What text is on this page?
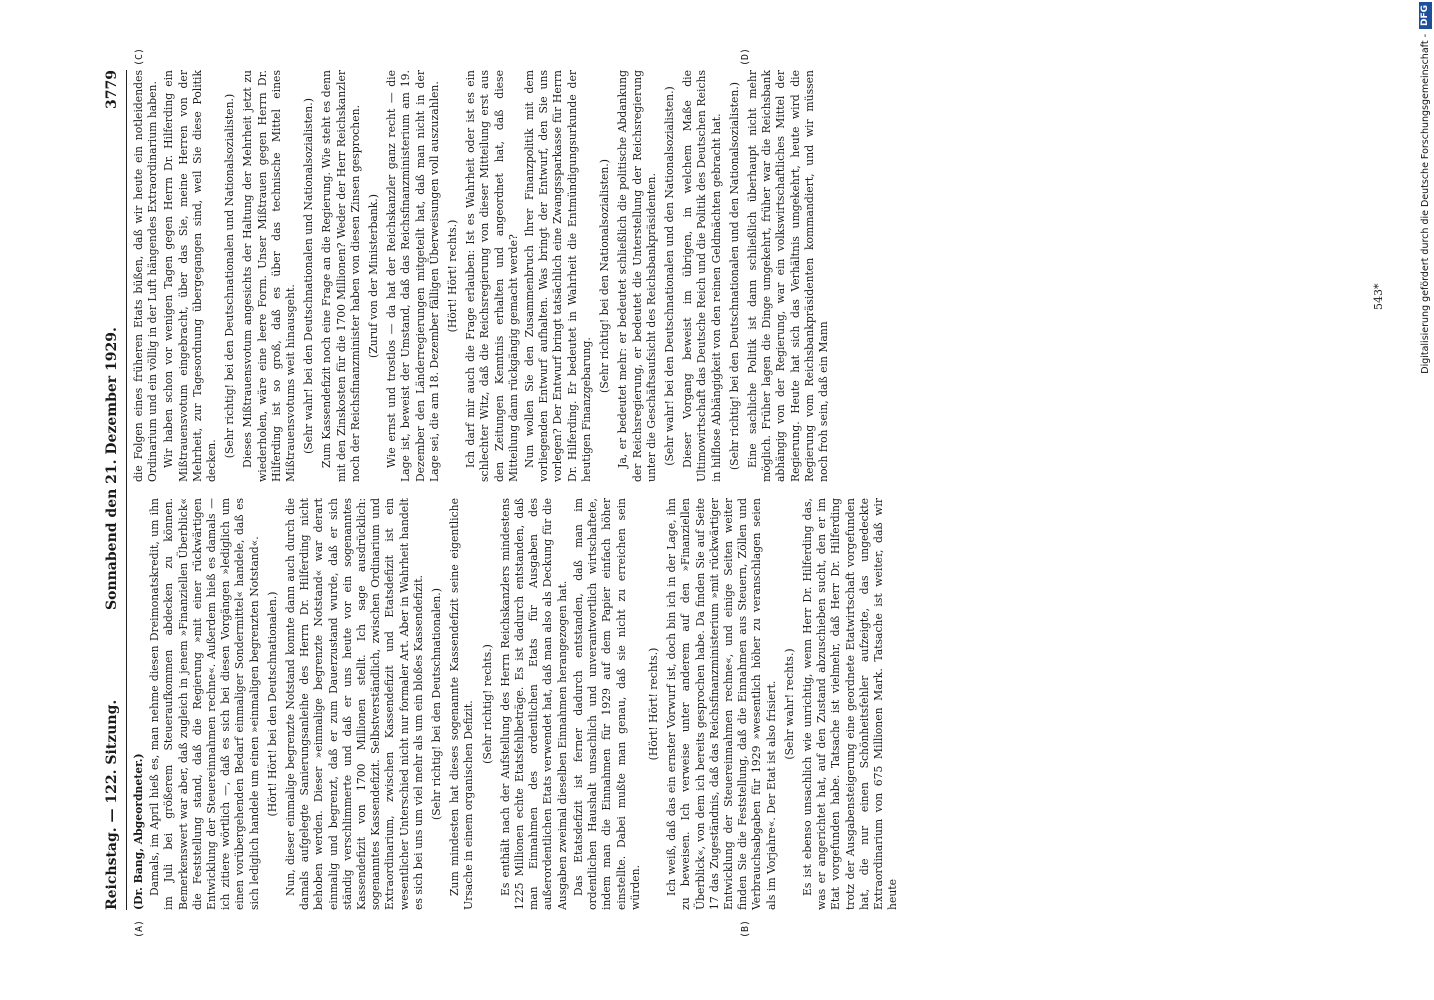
Reichstag. — 122. Sitzung.
Sonnabend den 21. Dezember 1929.
3779
(A)	(B)
(C)	(D)

(Dr. Bang, Abgeordneter.) Damals, im April hieß es, man nehme diesen Dreimonatskredit, um ihn im Juli bei größerem Steueraufkommen abdecken zu können. Bemerkenswert war aber, daß zugleich in jenem »Finanziellen Überblick« die Feststellung stand, daß die Regierung »mit einer rückwärtigen Entwicklung der Steuereinnahmen rechne«. Außerdem hieß es damals — ich zitiere wörtlich —, daß es sich bei diesen Vorgängen »lediglich um einen vorübergehenden Bedarf einmaliger Sondermittel« handele, daß es sich lediglich handele um einen »einmaligen begrenzten Notstand«. (Hört! Hört! bei den Deutschnationalen.) Nun, dieser einmalige begrenzte Notstand konnte dann auch durch die damals aufgelegte Sanierungsanleihe des Herrn Dr. Hilferding nicht behoben werden. Dieser »einmalige begrenzte Notstand« war derart einmalig und begrenzt, daß er zum Dauerzustand wurde, daß er sich ständig verschlimmerte und daß er uns heute vor ein sogenanntes Kassendefizit von 1700 Millionen stellt. Ich sage ausdrücklich: sogenanntes Kassendefizit. Selbstverständlich, zwischen Ordinarium und Extraordinarium, zwischen Kassendefizit und Etatsdefizit ist ein wesentlicher Unterschied nicht nur formaler Art. Aber in Wahrheit handelt es sich bei uns um viel mehr als um ein bloßes Kassendefizit. (Sehr richtig! bei den Deutschnationalen.) Zum mindesten hat dieses sogenannte Kassendefizit seine eigentliche Ursache in einem organischen Defizit. (Sehr richtig! rechts.) Es enthält nach der Aufstellung des Herrn Reichskanzlers mindestens 1225 Millionen echte Etatsfehlbeträge. Es ist dadurch entstanden, daß man Einnahmen des ordentlichen Etats für Ausgaben des außerordentlichen Etats verwendet hat, daß man also als Deckung für die Ausgaben zweimal dieselben Einnahmen herangezogen hat. Das Etatsdefizit ist ferner dadurch entstanden, daß man im ordentlichen Haushalt unsachlich und unverantwortlich wirtschaftete, indem man die Einnahmen für 1929 auf dem Papier einfach höher einstellte. Dabei mußte man genau, daß sie nicht zu erreichen sein würden.

(Hört! Hört! rechts.) Ich weiß, daß das ein ernster Vorwurf ist, doch bin ich in der Lage, ihn zu beweisen. Ich verweise unter anderem auf den »Finanziellen Überblick«, von dem ich bereits gesprochen habe. Da finden Sie auf Seite 17 das Zugeständnis, daß das Reichsfinanzministerium »mit rückwärtiger Entwicklung der Steuereinnahmen rechne«, und einige Seiten weiter finden Sie die Feststellung, daß die Einnahmen aus Steuern, Zöllen und Verbrauchsabgaben für 1929 »wesentlich höher zu veranschlagen seien als im Vorjahre«. Der Etat ist also frisiert. (Sehr wahr! rechts.) Es ist ebenso unsachlich wie unrichtig, wenn Herr Dr. Hilferding das, was er angerichtet hat, auf den Zustand abzuschieben sucht, den er im Etat vorgefunden habe. Tatsache ist vielmehr, daß Herr Dr. Hilferding trotz der Ausgabensteigerung eine geordnete Etatwirtschaft vorgefunden hat, die nur einen Schönheitsfehler aufzeigte, das ungedeckte Extraordinarium von 675 Millionen Mark. Tatsache ist weiter, daß wir heute

die Folgen eines früheren Etats büßen, daß wir heute ein notleidendes Ordinarium und ein völlig in der Luft hängendes Extraordinarium haben. Wir haben schon vor wenigen Tagen gegen Herrn Dr. Hilferding ein Mißtrauensvotum eingebracht, über das Sie, meine Herren von der Mehrheit, zur Tagesordnung übergegangen sind, weil Sie diese Politik decken.

(Sehr richtig! bei den Deutschnationalen und Nationalsozialisten.) Dieses Mißtrauensvotum angesichts der Haltung der Mehrheit jetzt zu wiederholen, wäre eine leere Form. Unser Mißtrauen gegen Herrn Dr. Hilferding ist so groß, daß es über das technische Mittel eines Mißtrauensvotums weit hinausgeht. (Sehr wahr! bei den Deutschnationalen und Nationalsozialisten.) Zum Kassendefizit noch eine Frage an die Regierung. Wie steht es denn mit den Zinskosten für die 1700 Millionen? Weder der Herr Reichskanzler noch der Reichsfinanzminister haben von diesen Zinsen gesprochen. (Zuruf von der Ministerbank.) Wie ernst und trostlos — da hat der Reichskanzler ganz recht — die Lage ist, beweist der Umstand, daß das Reichsfinanzministerium am 19. Dezember den Länderregierungen mitgeteilt hat, daß man nicht in der Lage sei, die am 18. Dezember fälligen Überweisungen voll auszuzahlen. (Hört! Hört! rechts.) Ich darf mir auch die Frage erlauben: Ist es Wahrheit oder ist es ein schlechter Witz, daß die Reichsregierung von dieser Mitteilung erst aus den Zeitungen Kenntnis erhalten und angeordnet hat, daß diese Mitteilung dann rückgängig gemacht werde? Nun wollen Sie den Zusammenbruch Ihrer Finanzpolitik mit dem vorliegenden Entwurf aufhalten. Was bringt der Entwurf, den Sie uns vorlegen? Der Entwurf bringt tatsächlich eine Zwangssparkasse für Herrn Dr. Hilferding. Er bedeutet in Wahrheit die Entmündigungsurkunde der heutigen Finanzgebarung.

(Sehr richtig! bei den Nationalsozialisten.) Ja, er bedeutet mehr: er bedeutet schließlich die politische Abdankung der Reichsregierung, er bedeutet die Unterstellung der Reichsregierung unter die Geschäftsaufsicht des Reichsbankpräsidenten. (Sehr wahr! bei den Deutschnationalen und den Nationalsozialisten.) Dieser Vorgang beweist im übrigen, in welchem Maße die Ultimowirtschaft das Deutsche Reich und die Politik des Deutschen Reichs in hilflose Abhängigkeit von den reinen Geldmächten gebracht hat. (Sehr richtig! bei den Deutschnationalen und den Nationalsozialisten.) Eine sachliche Politik ist dann schließlich überhaupt nicht mehr möglich. Früher lagen die Dinge umgekehrt, früher war die Reichsbank abhängig von der Regierung, war ein volkswirtschaftliches Mittel der Regierung. Heute hat sich das Verhältnis umgekehrt, heute wird die Regierung vom Reichsbankpräsidenten kommandiert, und wir müssen noch froh sein, daß ein Mann

543*	Digitalisierung gefördert durch die Deutsche Forschungsgemeinschaft -
DFG
